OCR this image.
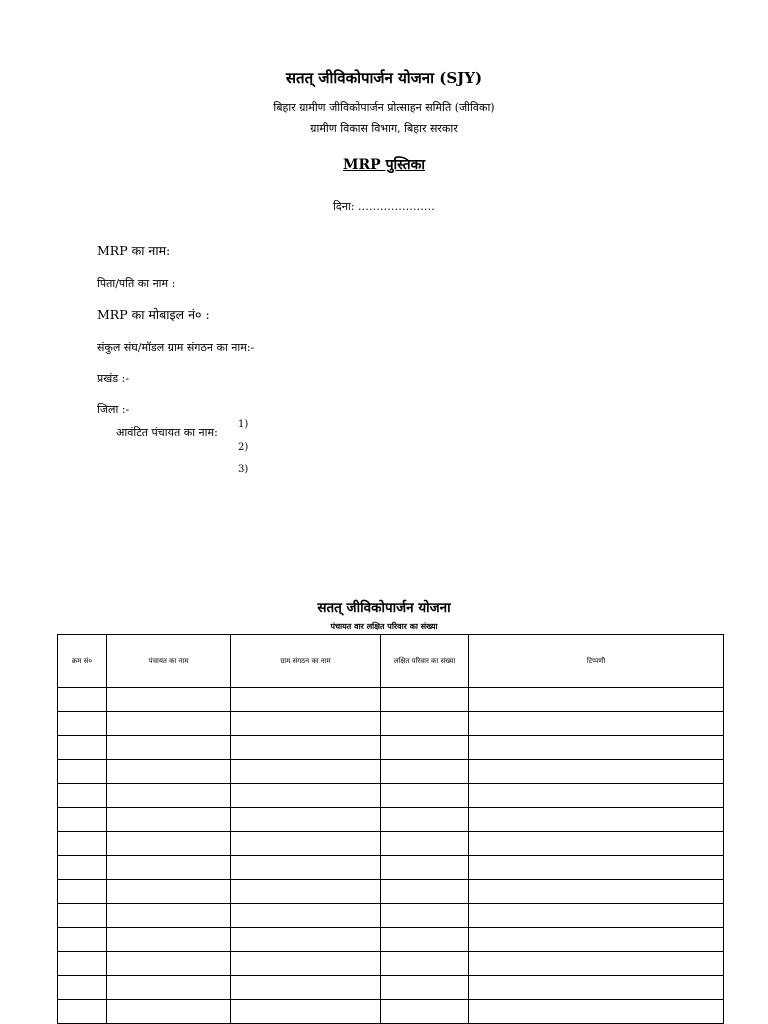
सतत् जीविकोपार्जन योजना (SJY)
बिहार ग्रामीण जीविकोपार्जन प्रोत्साहन समिति (जीविका)
ग्रामीण विकास विभाग, बिहार सरकार
MRP पुस्तिका
दिना: …………………
MRP का नाम:
पिता/पति का नाम :
MRP का मोबाइल नं० :
संकुल संघ/मॉडल ग्राम संगठन का नाम:-
प्रखंड :-
जिला :-
आवंटित पंचायत का नाम:
1)
2)
3)
सतत् जीविकोपार्जन योजना
पंचायत वार लक्षित परिवार का संख्या
क्रम सं०	पंचायत का नाम	ग्राम संगठन का नाम	लक्षित परिवार का संख्या	टिप्पणी
